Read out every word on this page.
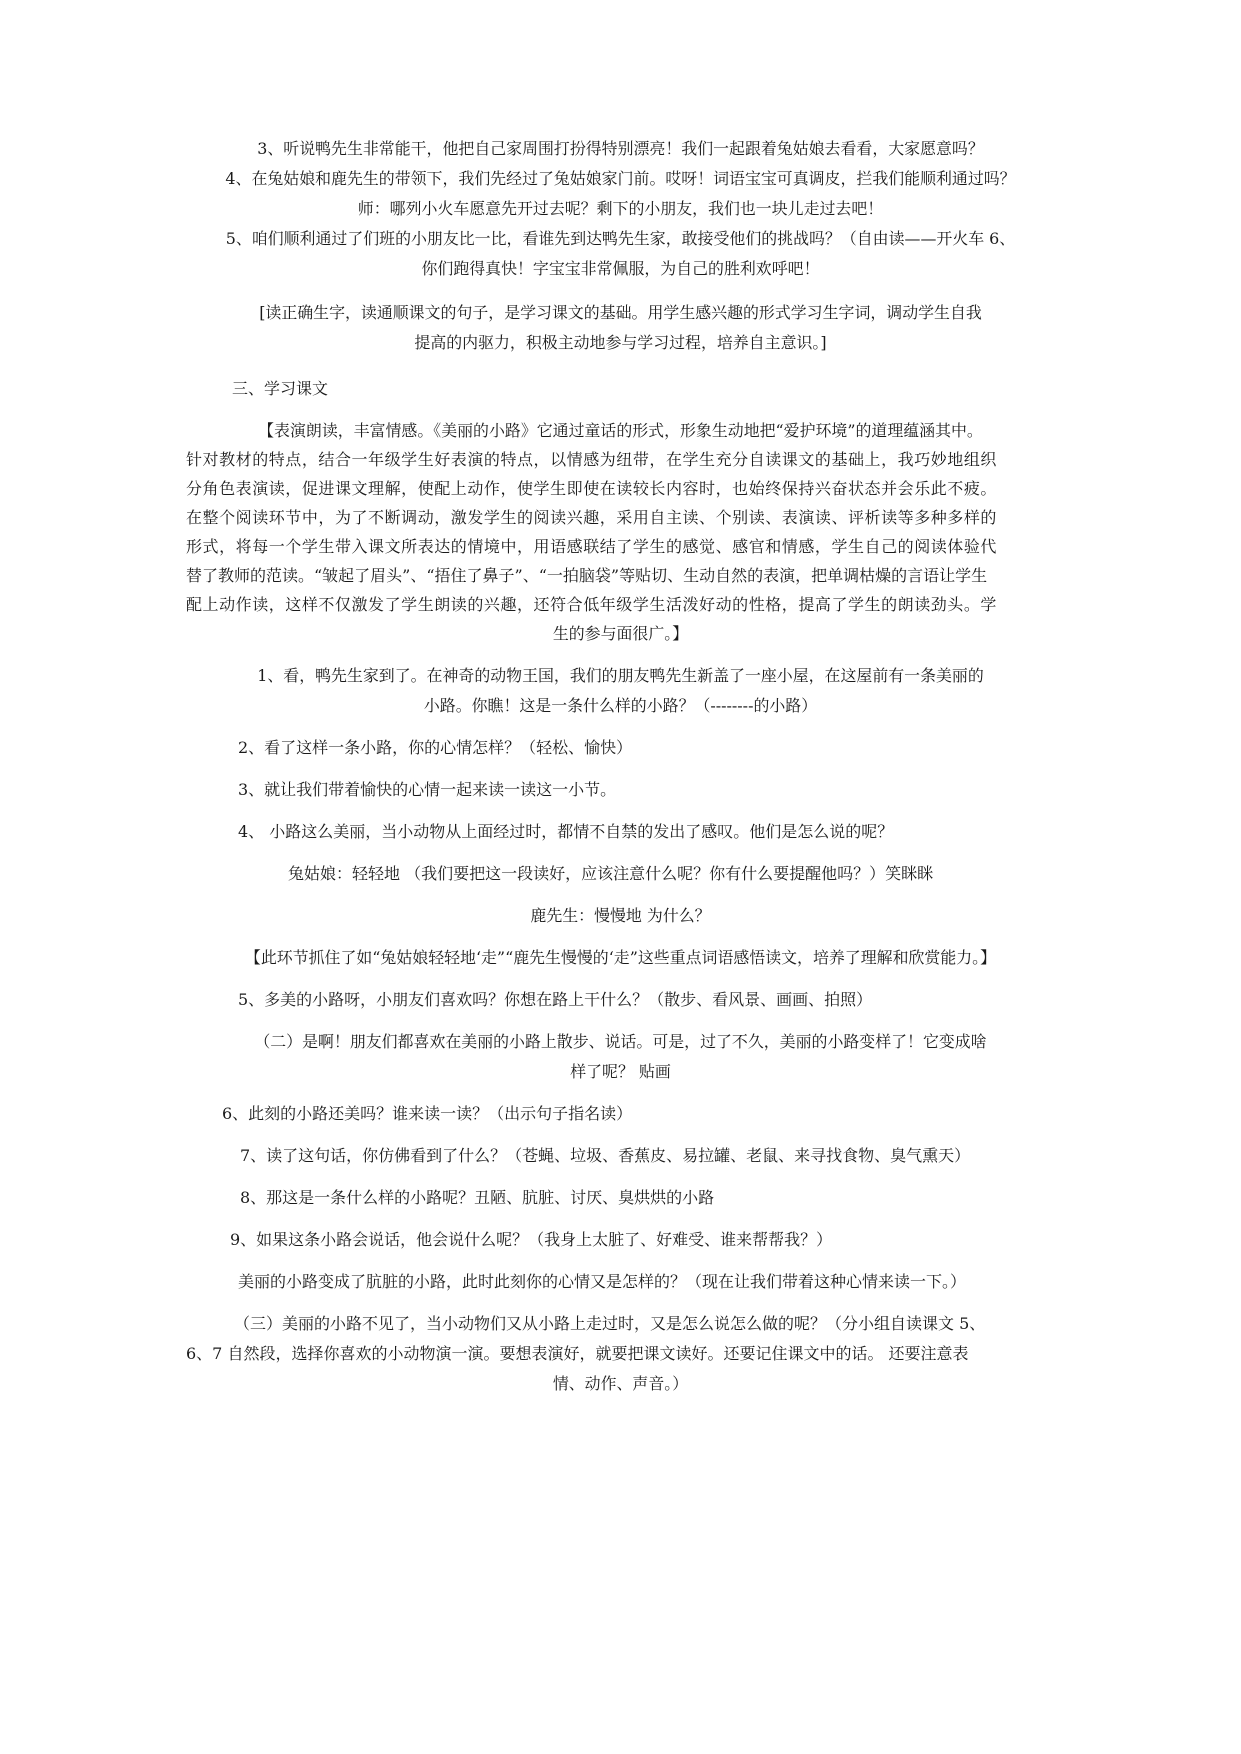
3、听说鸭先生非常能干，他把自己家周围打扮得特别漂亮！我们一起跟着兔姑娘去看看，大家愿意吗？
4、在兔姑娘和鹿先生的带领下，我们先经过了兔姑娘家门前。哎呀！词语宝宝可真调皮，拦我们能顺利通过吗？
师：哪列小火车愿意先开过去呢？剩下的小朋友，我们也一块儿走过去吧！
5、咱们顺利通过了们班的小朋友比一比，看谁先到达鸭先生家，敢接受他们的挑战吗？（自由读——开火车 6、
你们跑得真快！字宝宝非常佩服，为自己的胜利欢呼吧！
[读正确生字，读通顺课文的句子，是学习课文的基础。用学生感兴趣的形式学习生字词，调动学生自我
提高的内驱力，积极主动地参与学习过程，培养自主意识。]
三、学习课文
【表演朗读，丰富情感。《美丽的小路》它通过童话的形式，形象生动地把“爱护环境”的道理蕴涵其中。
针对教材的特点，结合一年级学生好表演的特点，以情感为纽带，在学生充分自读课文的基础上，我巧妙地组织
分角色表演读，促进课文理解，使配上动作，使学生即使在读较长内容时，也始终保持兴奋状态并会乐此不疲。
在整个阅读环节中，为了不断调动，激发学生的阅读兴趣，采用自主读、个别读、表演读、评析读等多种多样的
形式，将每一个学生带入课文所表达的情境中，用语感联结了学生的感觉、感官和情感，学生自己的阅读体验代
替了教师的范读。“皱起了眉头”、“捂住了鼻子”、“一拍脑袋”等贴切、生动自然的表演，把单调枯燥的言语让学生
配上动作读，这样不仅激发了学生朗读的兴趣，还符合低年级学生活泼好动的性格，提高了学生的朗读劲头。学
生的参与面很广。】
1、看，鸭先生家到了。在神奇的动物王国，我们的朋友鸭先生新盖了一座小屋，在这屋前有一条美丽的
小路。你瞧！这是一条什么样的小路？（--------的小路）
2、看了这样一条小路，你的心情怎样？（轻松、愉快）
3、就让我们带着愉快的心情一起来读一读这一小节。
4、 小路这么美丽，当小动物从上面经过时，都情不自禁的发出了感叹。他们是怎么说的呢？
兔姑娘：轻轻地 （我们要把这一段读好，应该注意什么呢？你有什么要提醒他吗？）笑眯眯
鹿先生：慢慢地 为什么？
【此环节抓住了如“兔姑娘轻轻地‘走”“鹿先生慢慢的‘走”这些重点词语感悟读文，培养了理解和欣赏能力。】
5、多美的小路呀，小朋友们喜欢吗？你想在路上干什么？（散步、看风景、画画、拍照）
（二）是啊！朋友们都喜欢在美丽的小路上散步、说话。可是，过了不久，美丽的小路变样了！它变成啥
样了呢？ 贴画
6、此刻的小路还美吗？谁来读一读？（出示句子指名读）
7、读了这句话，你仿佛看到了什么？（苍蝇、垃圾、香蕉皮、易拉罐、老鼠、来寻找食物、臭气熏天）
8、那这是一条什么样的小路呢？丑陋、肮脏、讨厌、臭烘烘的小路
9、如果这条小路会说话，他会说什么呢？（我身上太脏了、好难受、谁来帮帮我？）
美丽的小路变成了肮脏的小路，此时此刻你的心情又是怎样的？（现在让我们带着这种心情来读一下。）
（三）美丽的小路不见了，当小动物们又从小路上走过时，又是怎么说怎么做的呢？（分小组自读课文 5、
6、7 自然段，选择你喜欢的小动物演一演。要想表演好，就要把课文读好。还要记住课文中的话。 还要注意表
情、动作、声音。）
